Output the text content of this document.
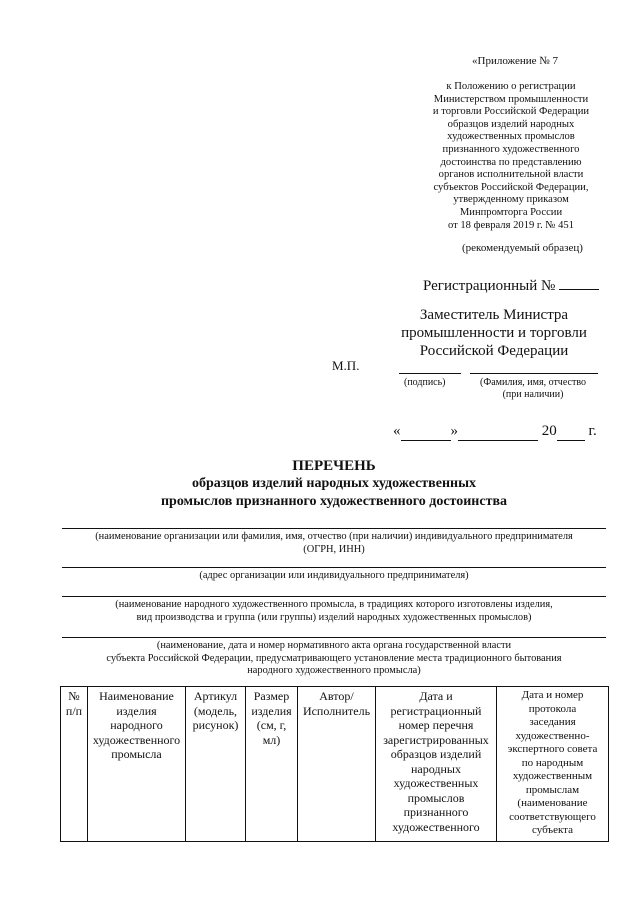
«Приложение № 7
к Положению о регистрации
Министерством промышленности
и торговли Российской Федерации
образцов изделий народных
художественных промыслов
признанного художественного
достоинства по представлению
органов исполнительной власти
субъектов Российской Федерации,
утвержденному приказом
Минпромторга России
от 18 февраля 2019 г. № 451
(рекомендуемый образец)
Регистрационный №
Заместитель Министра
промышленности и торговли
Российской Федерации
М.П.
(подпись)	(Фамилия, имя, отчество
(при наличии)
«	»	20 г.
ПЕРЕЧЕНЬ
образцов изделий народных художественных
промыслов признанного художественного достоинства
(наименование организации или фамилия, имя, отчество (при наличии) индивидуального предпринимателя
(ОГРН, ИНН)
(адрес организации или индивидуального предпринимателя)
(наименование народного художественного промысла, в традициях которого изготовлены изделия,
вид производства и группа (или группы) изделий народных художественных промыслов)
(наименование, дата и номер нормативного акта органа государственной власти
субъекта Российской Федерации, предусматривающего установление места традиционного бытования
народного художественного промысла)
№
п/п

Наименование
изделия
народного
художественного
промысла

Артикул
(модель,
рисунок)

Размер
изделия
(см, г,
мл)

Автор/
Исполнитель

Дата и
регистрационный
номер перечня
зарегистрированных
образцов изделий
народных
художественных
промыслов
признанного
художественного

Дата и номер
протокола
заседания
художественно-
экспертного совета
по народным
художественным
промыслам
(наименование
соответствующего
субъекта
